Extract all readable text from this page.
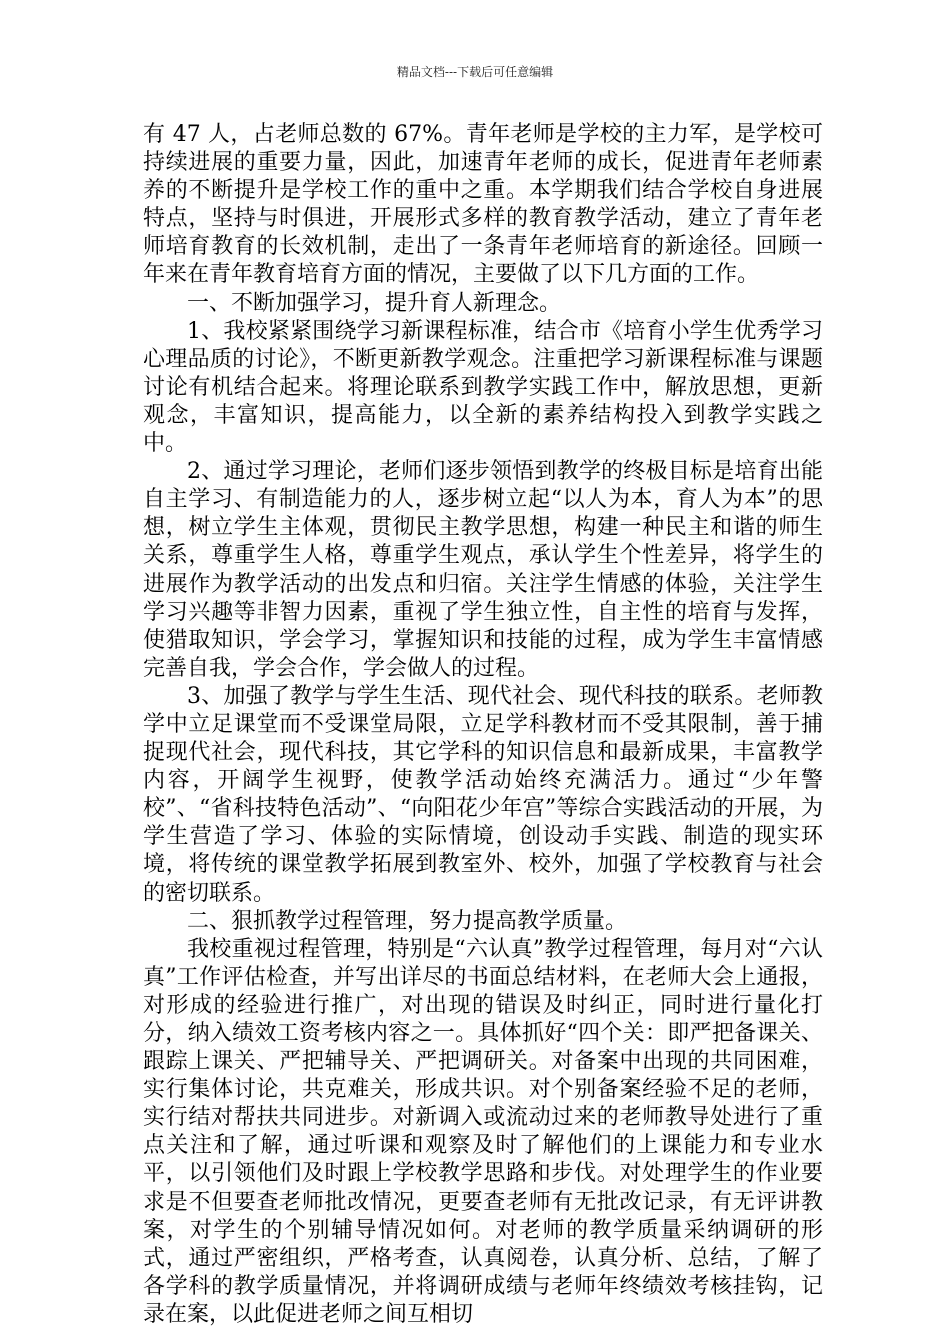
精品文档---下载后可任意编辑

有 47 人，占老师总数的 67%。青年老师是学校的主力军，是学校可持续进展的重要力量，因此，加速青年老师的成长，促进青年老师素养的不断提升是学校工作的重中之重。本学期我们结合学校自身进展特点，坚持与时俱进，开展形式多样的教育教学活动，建立了青年老师培育教育的长效机制，走出了一条青年老师培育的新途径。回顾一年来在青年教育培育方面的情况，主要做了以下几方面的工作。

一、不断加强学习，提升育人新理念。

1、我校紧紧围绕学习新课程标准，结合市《培育小学生优秀学习心理品质的讨论》，不断更新教学观念。注重把学习新课程标准与课题讨论有机结合起来。将理论联系到教学实践工作中，解放思想，更新观念，丰富知识，提高能力，以全新的素养结构投入到教学实践之中。

2、通过学习理论，老师们逐步领悟到教学的终极目标是培育出能自主学习、有制造能力的人，逐步树立起“以人为本，育人为本”的思想，树立学生主体观，贯彻民主教学思想，构建一种民主和谐的师生关系，尊重学生人格，尊重学生观点，承认学生个性差异，将学生的进展作为教学活动的出发点和归宿。关注学生情感的体验，关注学生学习兴趣等非智力因素，重视了学生独立性，自主性的培育与发挥，使猎取知识，学会学习，掌握知识和技能的过程，成为学生丰富情感完善自我，学会合作，学会做人的过程。

3、加强了教学与学生生活、现代社会、现代科技的联系。老师教学中立足课堂而不受课堂局限，立足学科教材而不受其限制，善于捕捉现代社会，现代科技，其它学科的知识信息和最新成果，丰富教学内容，开阔学生视野，使教学活动始终充满活力。通过“少年警校”、“省科技特色活动”、“向阳花少年宫”等综合实践活动的开展，为学生营造了学习、体验的实际情境，创设动手实践、制造的现实环境，将传统的课堂教学拓展到教室外、校外，加强了学校教育与社会的密切联系。

二、狠抓教学过程管理，努力提高教学质量。

我校重视过程管理，特别是“六认真”教学过程管理，每月对“六认真”工作评估检查，并写出详尽的书面总结材料，在老师大会上通报，对形成的经验进行推广，对出现的错误及时纠正，同时进行量化打分，纳入绩效工资考核内容之一。具体抓好“四个关：即严把备课关、跟踪上课关、严把辅导关、严把调研关。对备案中出现的共同困难，实行集体讨论，共克难关，形成共识。对个别备案经验不足的老师，实行结对帮扶共同进步。对新调入或流动过来的老师教导处进行了重点关注和了解，通过听课和观察及时了解他们的上课能力和专业水平，以引领他们及时跟上学校教学思路和步伐。对处理学生的作业要求是不但要查老师批改情况，更要查老师有无批改记录，有无评讲教案，对学生的个别辅导情况如何。对老师的教学质量采纳调研的形式，通过严密组织，严格考查，认真阅卷，认真分析、总结，了解了各学科的教学质量情况，并将调研成绩与老师年终绩效考核挂钩，记录在案，以此促进老师之间互相切
